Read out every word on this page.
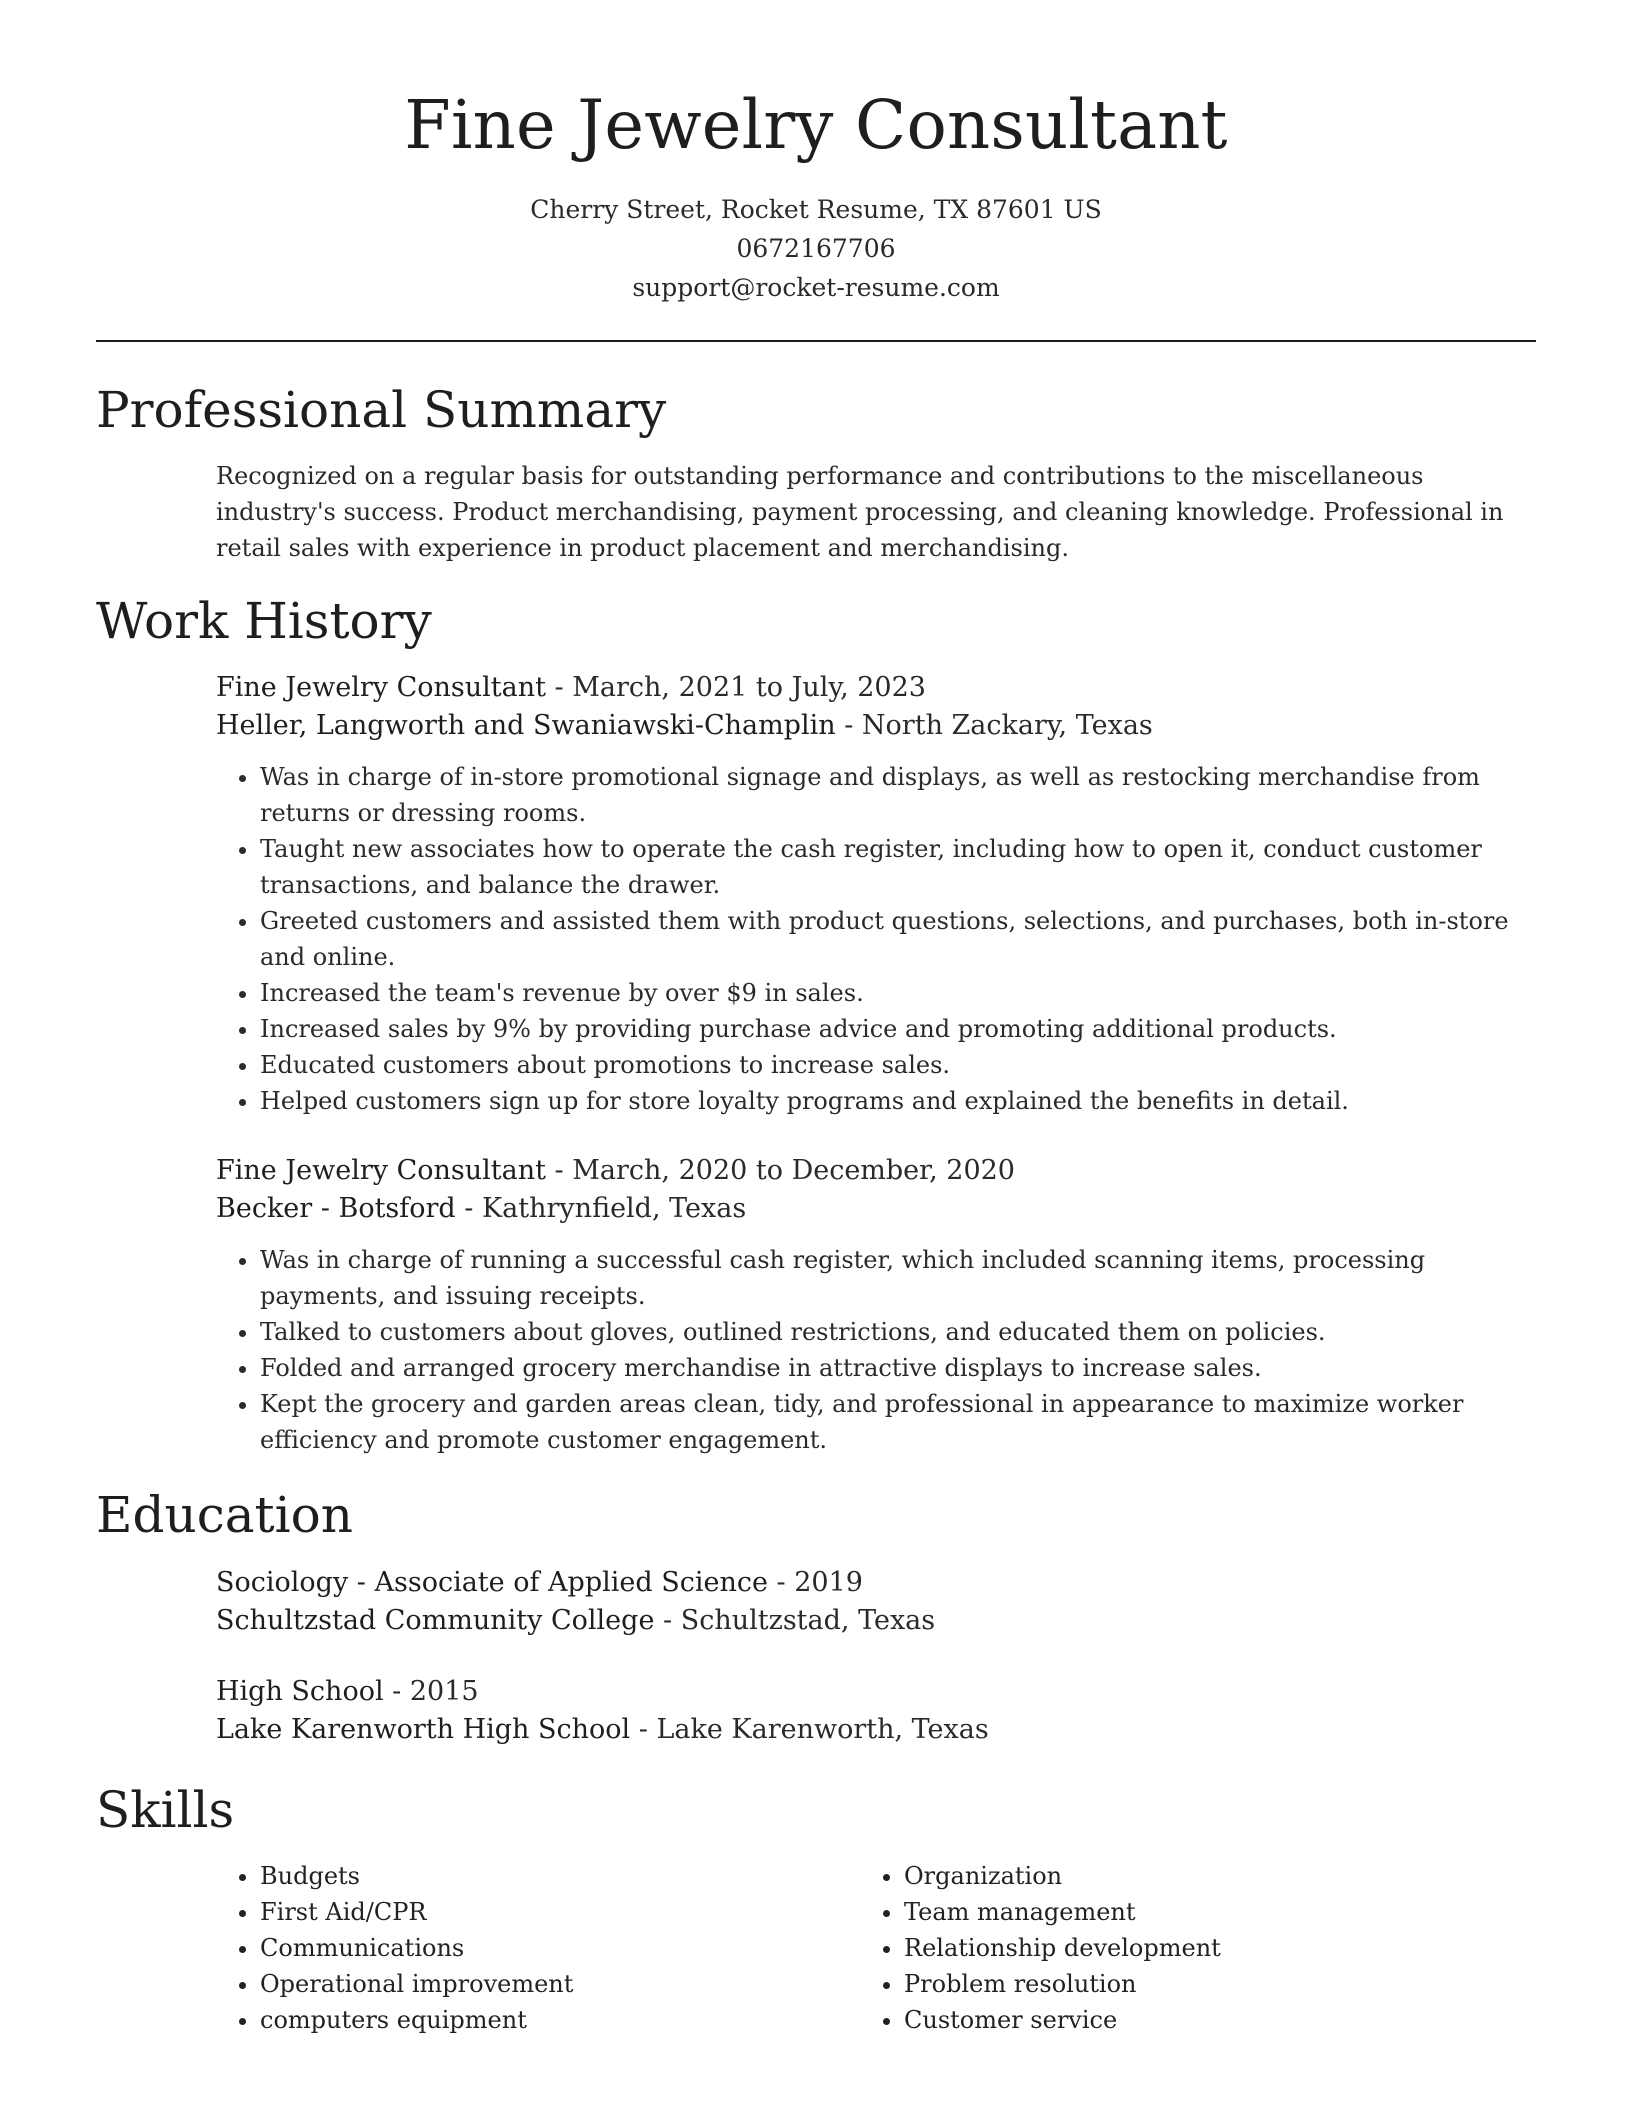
Fine Jewelry Consultant
Cherry Street, Rocket Resume, TX 87601 US
0672167706
support@rocket-resume.com
Professional Summary
Recognized on a regular basis for outstanding performance and contributions to the miscellaneous industry's success. Product merchandising, payment processing, and cleaning knowledge. Professional in retail sales with experience in product placement and merchandising.
Work History
Fine Jewelry Consultant - March, 2021 to July, 2023
Heller, Langworth and Swaniawski-Champlin - North Zackary, Texas
• Was in charge of in-store promotional signage and displays, as well as restocking merchandise from returns or dressing rooms.
• Taught new associates how to operate the cash register, including how to open it, conduct customer transactions, and balance the drawer.
• Greeted customers and assisted them with product questions, selections, and purchases, both in-store and online.
• Increased the team's revenue by over $9 in sales.
• Increased sales by 9% by providing purchase advice and promoting additional products.
• Educated customers about promotions to increase sales.
• Helped customers sign up for store loyalty programs and explained the benefits in detail.
Fine Jewelry Consultant - March, 2020 to December, 2020
Becker - Botsford - Kathrynfield, Texas
• Was in charge of running a successful cash register, which included scanning items, processing payments, and issuing receipts.
• Talked to customers about gloves, outlined restrictions, and educated them on policies.
• Folded and arranged grocery merchandise in attractive displays to increase sales.
• Kept the grocery and garden areas clean, tidy, and professional in appearance to maximize worker efficiency and promote customer engagement.
Education
Sociology - Associate of Applied Science - 2019
Schultzstad Community College - Schultzstad, Texas
High School - 2015
Lake Karenworth High School - Lake Karenworth, Texas
Skills
• Budgets
• First Aid/CPR
• Communications
• Operational improvement
• computers equipment
• Organization
• Team management
• Relationship development
• Problem resolution
• Customer service
